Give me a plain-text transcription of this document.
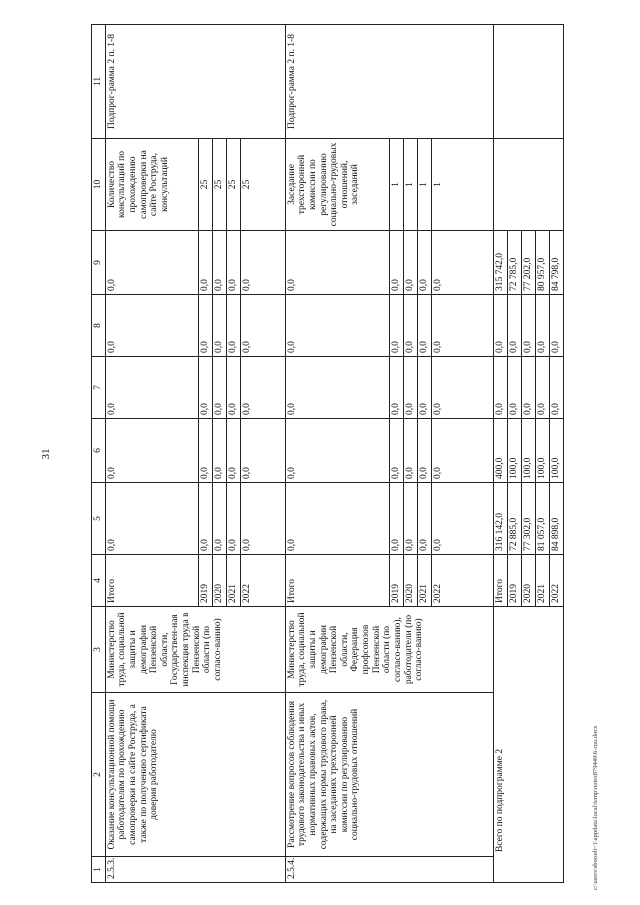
31
1	2	3	4	5	6	7	8	9	10	11
2.5.3.	Оказание консультационной помощи работодателям по прохождению самопроверки на сайте Роструда, а также по получению сертификата доверия работодателю	Министерство труда, социальной защиты и демографии Пензенской области, Государствен-ная инспекция труда в Пензенской области (по согласо-ванию)	Итого	0,0	0,0	0,0	0,0	0,0	Количество консультаций по прохождению самопроверки на сайте Роструда, консультаций	Подпрог-рамма 2 п. 1-8
			2019	0,0	0,0	0,0	0,0	0,0	25	
			2020	0,0	0,0	0,0	0,0	0,0	25	
			2021	0,0	0,0	0,0	0,0	0,0	25	
			2022	0,0	0,0	0,0	0,0	0,0	25	
2.5.4.	Рассмотрение вопросов соблюдения трудового законодательства и иных нормативных правовых актов, содержащих нормы трудового права, на заседаниях трехсторонней комиссии по регулированию социально-трудовых отношений	Министерство труда, социальной защиты и демографии Пензенской области, Федерация профсоюзов Пензенской области (по согласо-ванию), работодатели (по согласо-ванию)	Итого	0,0	0,0	0,0	0,0	0,0	Заседание трехсторонней комиссии по регулированию социально-трудовых отношений, заседаний	Подпрог-рамма 2 п. 1-8
			2019	0,0	0,0	0,0	0,0	0,0	1	
			2020	0,0	0,0	0,0	0,0	0,0	1	
			2021	0,0	0,0	0,0	0,0	0,0	1	
			2022	0,0	0,0	0,0	0,0	0,0	1	
Всего по подпрограмме 2			Итого	316 142,0	400,0	0,0	0,0	315 742,0		
			2019	72 885,0	100,0	0,0	0,0	72 785,0		
			2020	77 302,0	100,0	0,0	0,0	77 202,0		
			2021	81 057,0	100,0	0,0	0,0	80 957,0		
			2022	84 898,0	100,0	0,0	0,0	84 798,0		
c:\users\sborodi~1\appdata\local\temp\notes879449\6-ruu.docx
